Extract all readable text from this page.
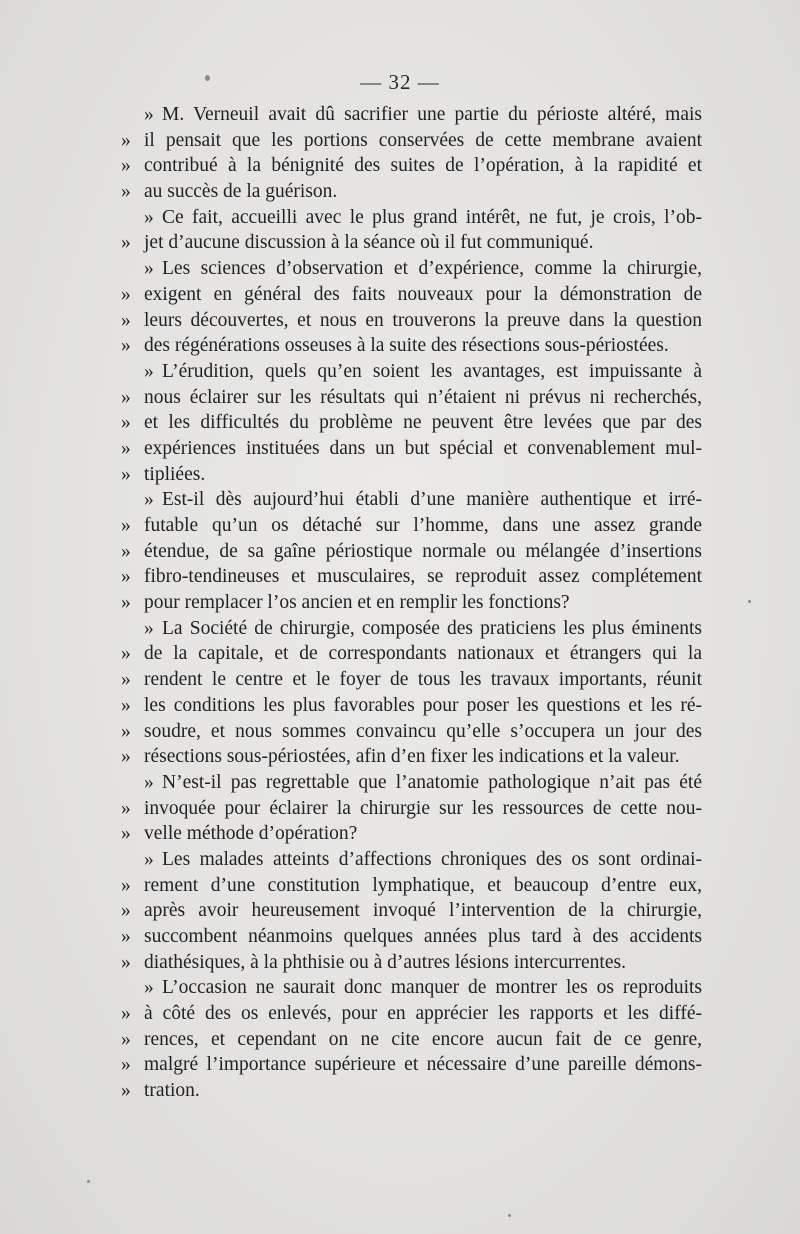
— 32 —
» M. Verneuil avait dû sacrifier une partie du périoste altéré, mais
» il pensait que les portions conservées de cette membrane avaient
» contribué à la bénignité des suites de l’opération, à la rapidité et
» au succès de la guérison.
» Ce fait, accueilli avec le plus grand intérêt, ne fut, je crois, l’ob-
» jet d’aucune discussion à la séance où il fut communiqué.
» Les sciences d’observation et d’expérience, comme la chirurgie,
» exigent en général des faits nouveaux pour la démonstration de
» leurs découvertes, et nous en trouverons la preuve dans la question
» des régénérations osseuses à la suite des résections sous-périostées.
» L’érudition, quels qu’en soient les avantages, est impuissante à
» nous éclairer sur les résultats qui n’étaient ni prévus ni recherchés,
» et les difficultés du problème ne peuvent être levées que par des
» expériences instituées dans un but spécial et convenablement mul-
» tipliées.
» Est-il dès aujourd’hui établi d’une manière authentique et irré-
» futable qu’un os détaché sur l’homme, dans une assez grande
» étendue, de sa gaîne périostique normale ou mélangée d’insertions
» fibro-tendineuses et musculaires, se reproduit assez complétement
» pour remplacer l’os ancien et en remplir les fonctions?
» La Société de chirurgie, composée des praticiens les plus éminents
» de la capitale, et de correspondants nationaux et étrangers qui la
» rendent le centre et le foyer de tous les travaux importants, réunit
» les conditions les plus favorables pour poser les questions et les ré-
» soudre, et nous sommes convaincu qu’elle s’occupera un jour des
» résections sous-périostées, afin d’en fixer les indications et la valeur.
» N’est-il pas regrettable que l’anatomie pathologique n’ait pas été
» invoquée pour éclairer la chirurgie sur les ressources de cette nou-
» velle méthode d’opération?
» Les malades atteints d’affections chroniques des os sont ordinai-
» rement d’une constitution lymphatique, et beaucoup d’entre eux,
» après avoir heureusement invoqué l’intervention de la chirurgie,
» succombent néanmoins quelques années plus tard à des accidents
» diathésiques, à la phthisie ou à d’autres lésions intercurrentes.
» L’occasion ne saurait donc manquer de montrer les os reproduits
» à côté des os enlevés, pour en apprécier les rapports et les diffé-
» rences, et cependant on ne cite encore aucun fait de ce genre,
» malgré l’importance supérieure et nécessaire d’une pareille démons-
» tration.
